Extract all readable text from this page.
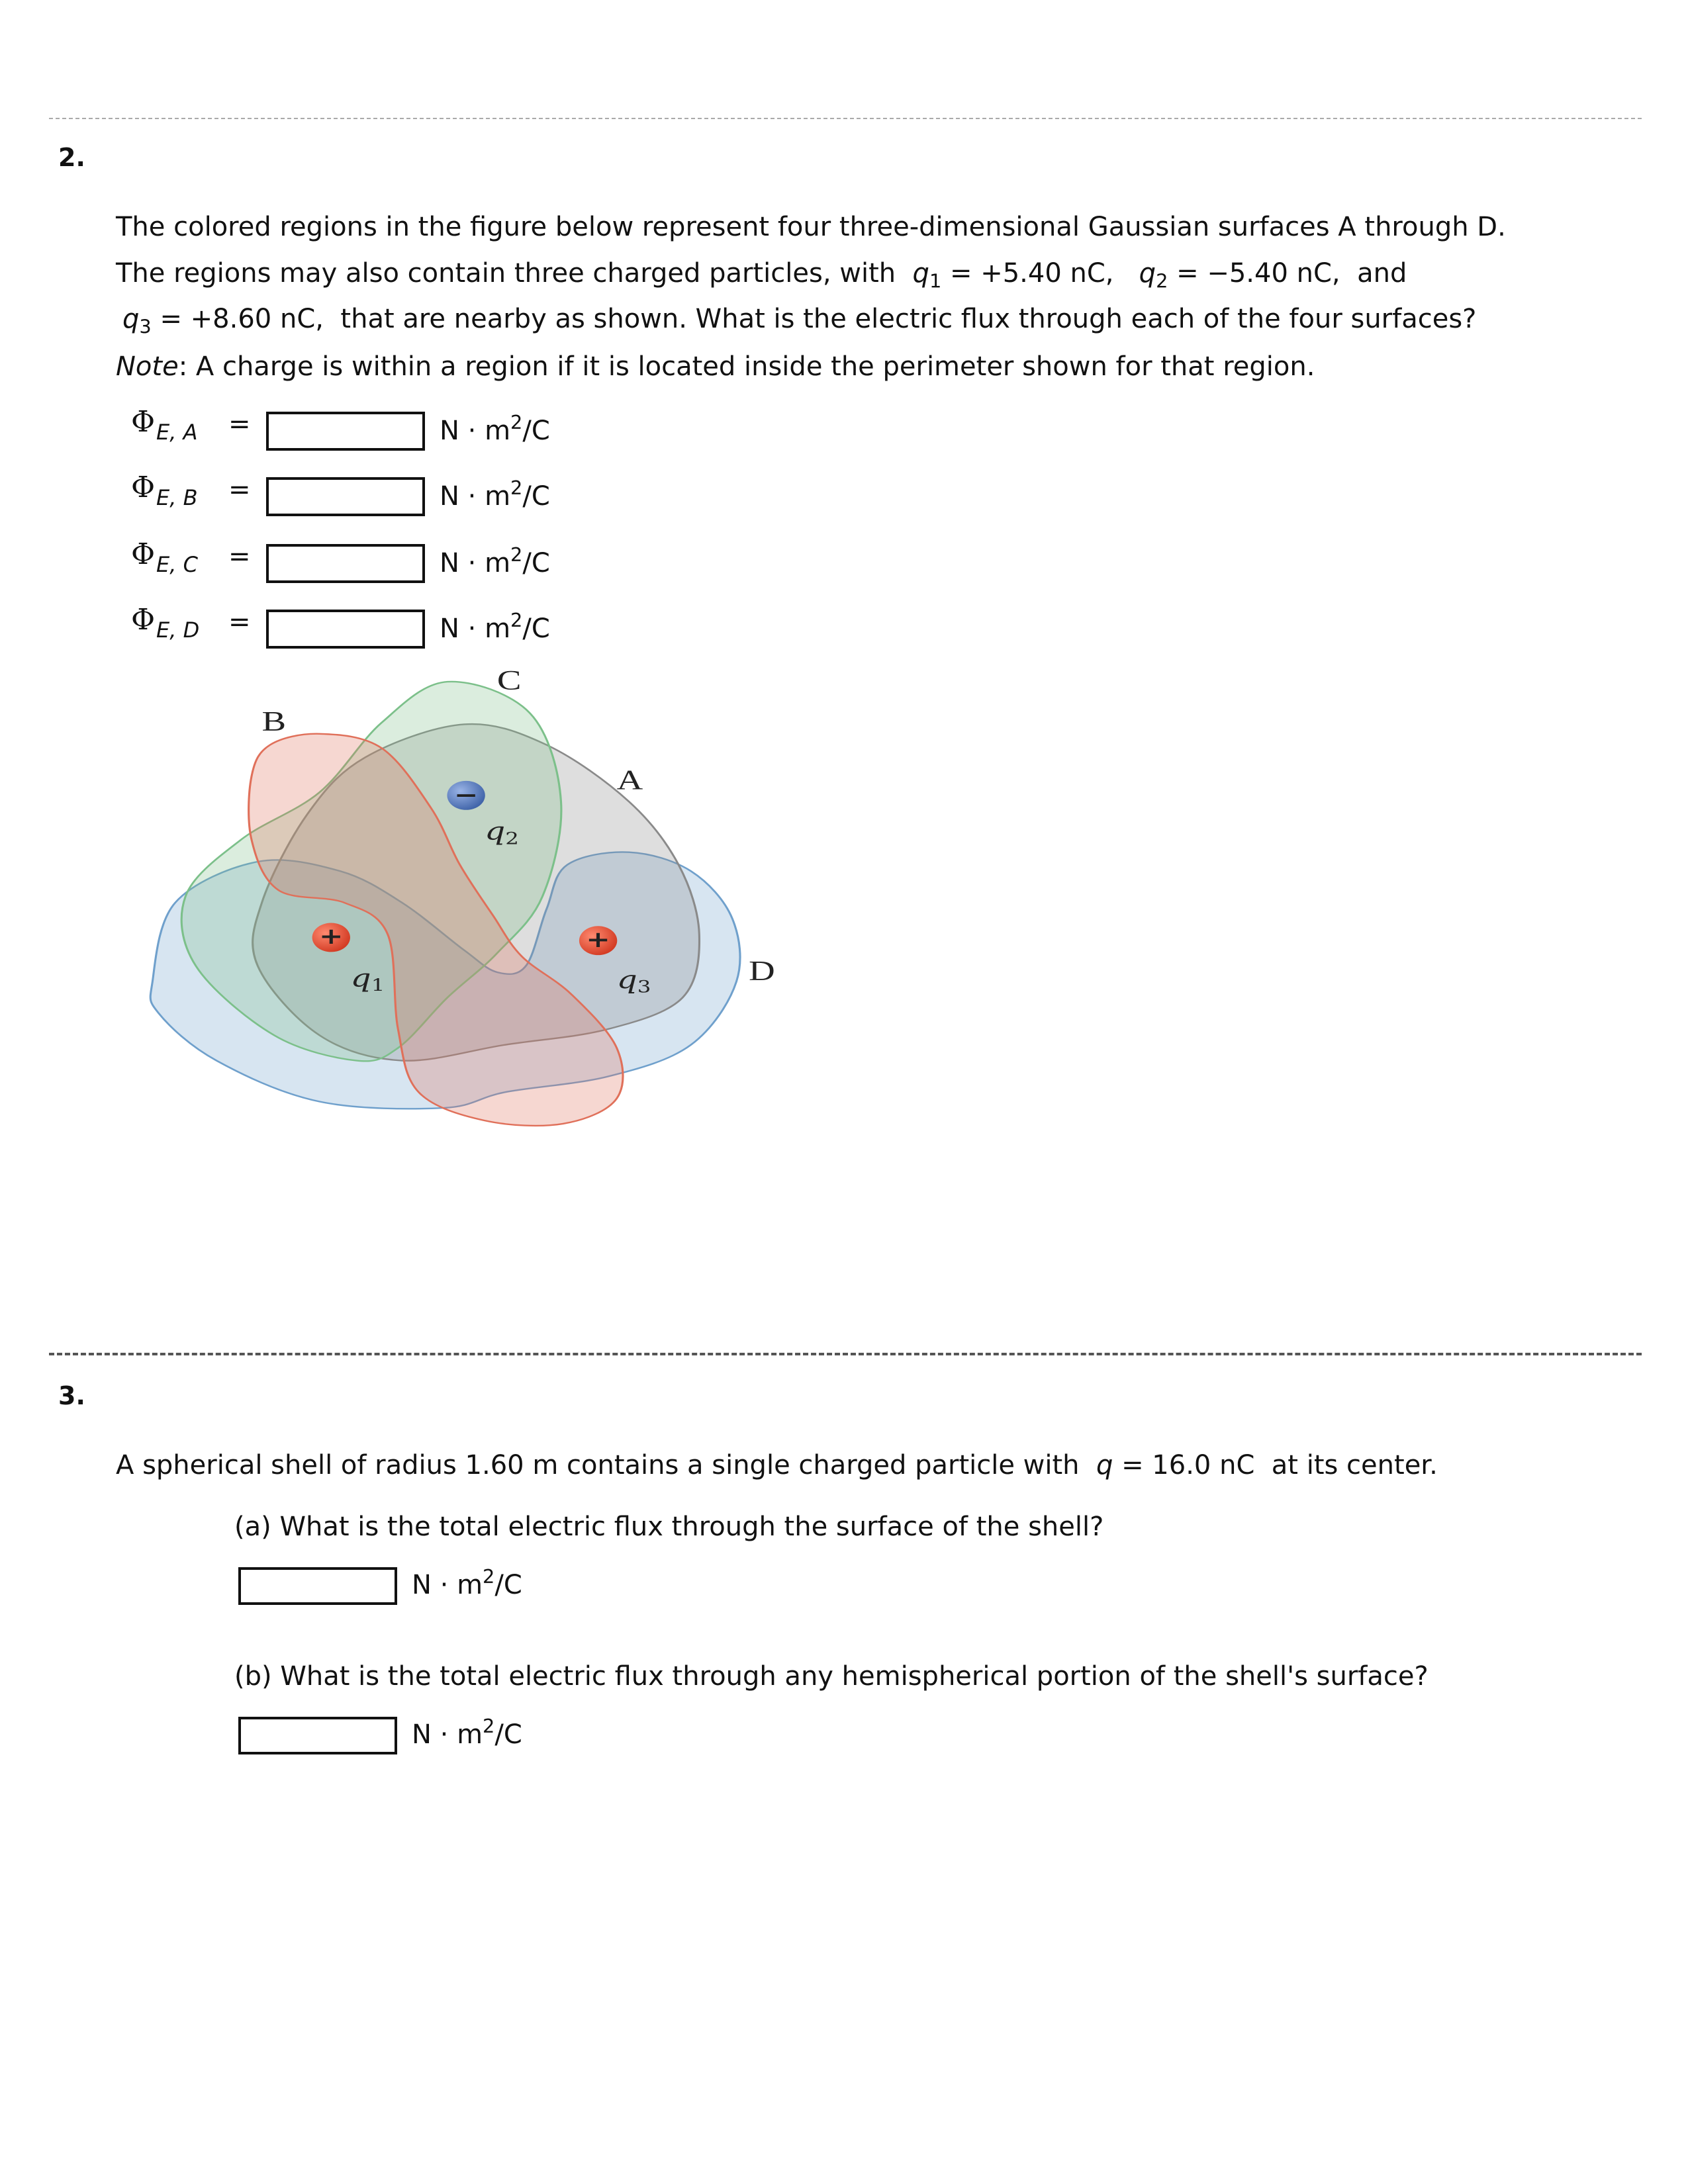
2.
The colored regions in the figure below represent four three-dimensional Gaussian surfaces A through D.
The regions may also contain three charged particles, with $q_1 = +5.40$ nC, $q_2 = -5.40$ nC, and
$q_3 = +8.60$ nC, that are nearby as shown. What is the electric flux through each of the four surfaces?
Note: A charge is within a region if it is located inside the perimeter shown for that region.
Φ E, A =	$N \cdot m^2/C$
Φ E, B =	$N \cdot m^2/C$
Φ E, C =	$N \cdot m^2/C$
Φ E, D =	$N \cdot m^2/C$
+
q1
−
q2
+
q3
B
C
A
D
3.
A spherical shell of radius 1.60 m contains a single charged particle with q = 16.0 nC  at its center.
(a) What is the total electric flux through the surface of the shell?
$N \cdot m^2/C$
(b) What is the total electric flux through any hemispherical portion of the shell's surface?
$N \cdot m^2/C$
